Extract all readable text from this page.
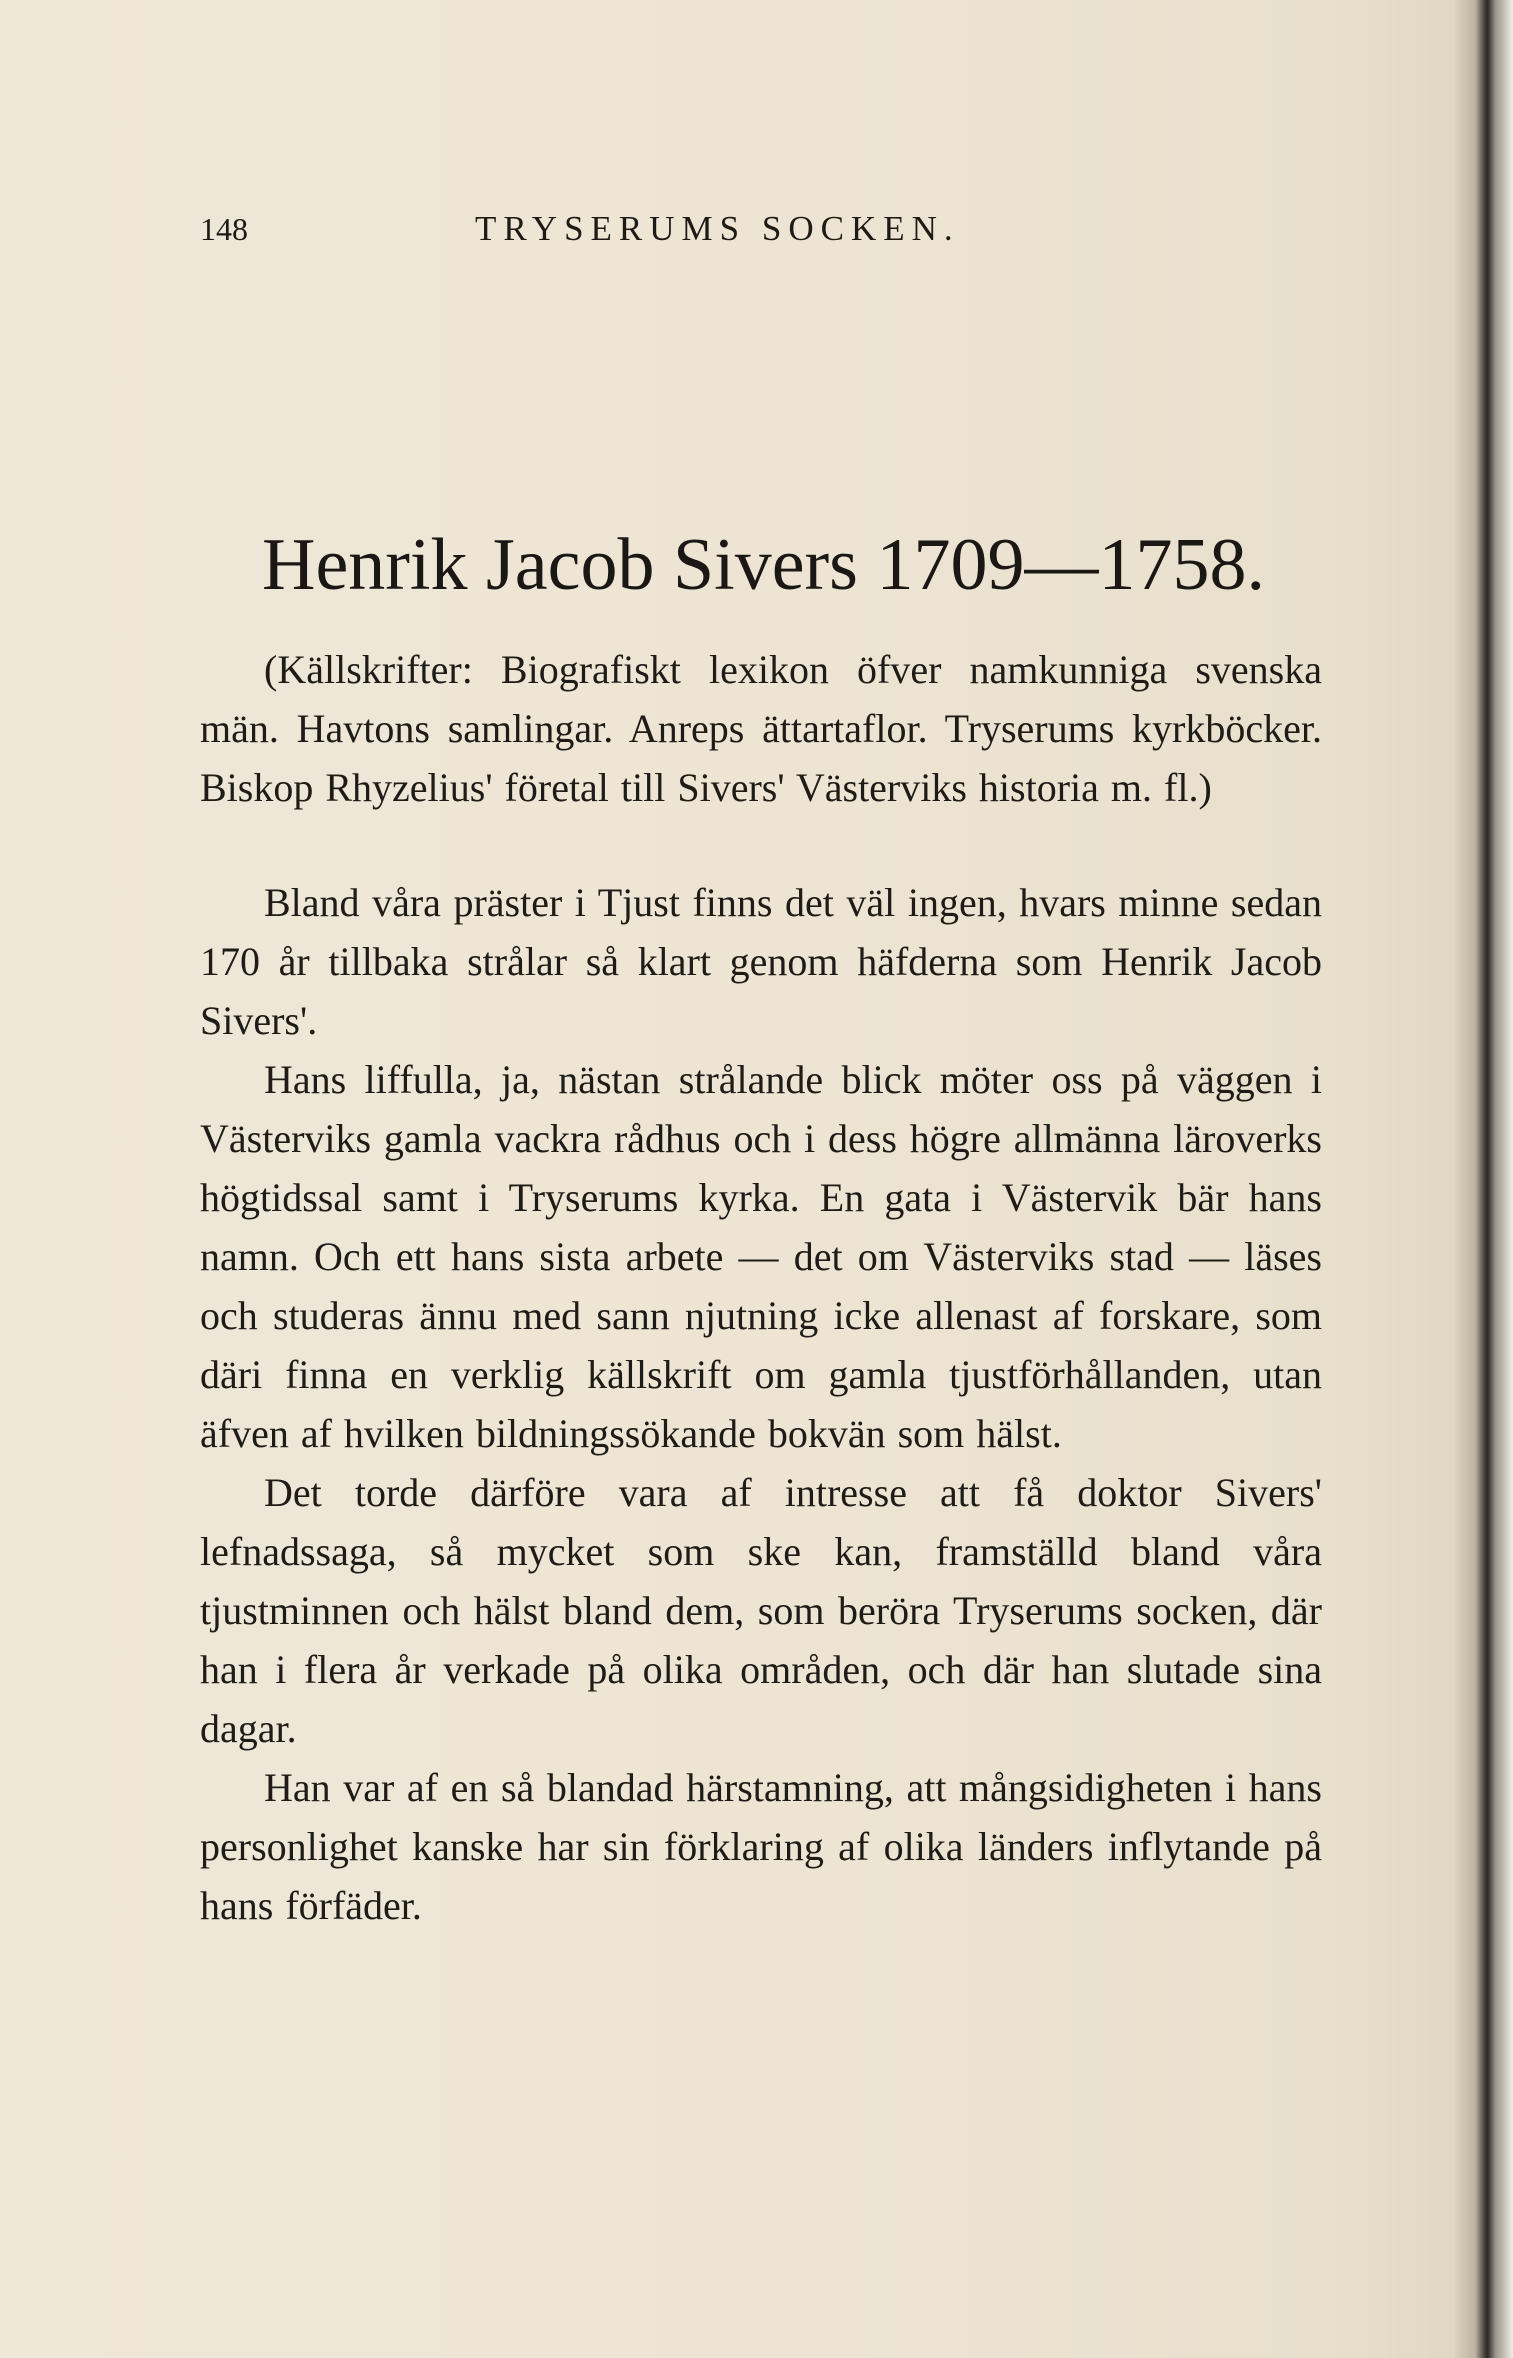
148	TRYSERUMS SOCKEN.
Henrik Jacob Sivers 1709—1758.

(Källskrifter: Biografiskt lexikon öfver namkunniga svenska män. Havtons samlingar. Anreps ättartaflor. Tryserums kyrkböcker. Biskop Rhyzelius' företal till Sivers' Västerviks historia m. fl.)

Bland våra präster i Tjust finns det väl ingen, hvars minne sedan 170 år tillbaka strålar så klart genom häfderna som Henrik Jacob Sivers'.

Hans liffulla, ja, nästan strålande blick möter oss på väggen i Västerviks gamla vackra rådhus och i dess högre allmänna läroverks högtidssal samt i Tryserums kyrka. En gata i Västervik bär hans namn. Och ett hans sista arbete — det om Västerviks stad — läses och studeras ännu med sann njutning icke allenast af forskare, som däri finna en verklig källskrift om gamla tjustförhållanden, utan äfven af hvilken bildningssökande bokvän som hälst.

Det torde därföre vara af intresse att få doktor Sivers' lefnadssaga, så mycket som ske kan, framställd bland våra tjustminnen och hälst bland dem, som beröra Tryserums socken, där han i flera år verkade på olika områden, och där han slutade sina dagar.

Han var af en så blandad härstamning, att mångsidigheten i hans personlighet kanske har sin förklaring af olika länders inflytande på hans förfäder.
